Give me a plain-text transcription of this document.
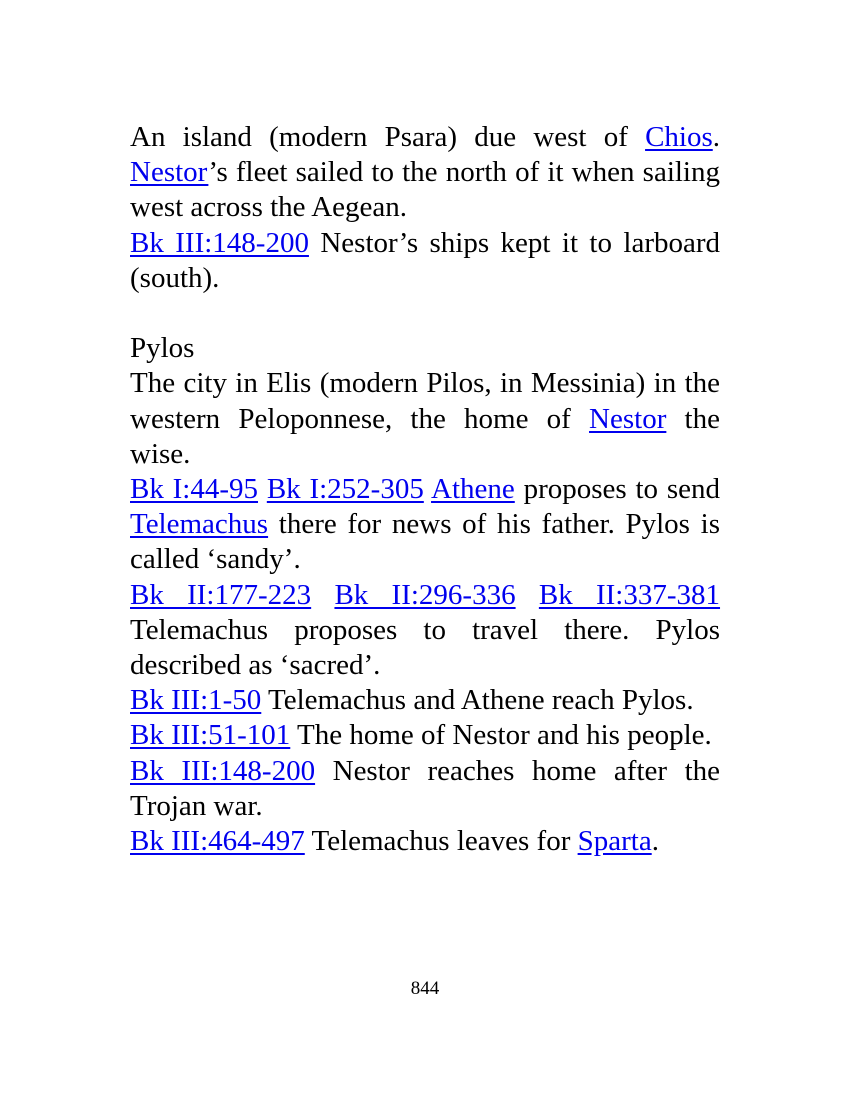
An island (modern Psara) due west of Chios. Nestor’s fleet sailed to the north of it when sailing west across the Aegean.

Bk III:148-200 Nestor’s ships kept it to larboard (south).

Pylos

The city in Elis (modern Pilos, in Messinia) in the western Peloponnese, the home of Nestor the wise.

Bk I:44-95 Bk I:252-305 Athene proposes to send Telemachus there for news of his father. Pylos is called ‘sandy’.

Bk II:177-223 Bk II:296-336 Bk II:337-381 Telemachus proposes to travel there. Pylos described as ‘sacred’.

Bk III:1-50 Telemachus and Athene reach Pylos.

Bk III:51-101 The home of Nestor and his people.

Bk III:148-200 Nestor reaches home after the Trojan war.

Bk III:464-497 Telemachus leaves for Sparta.

844
